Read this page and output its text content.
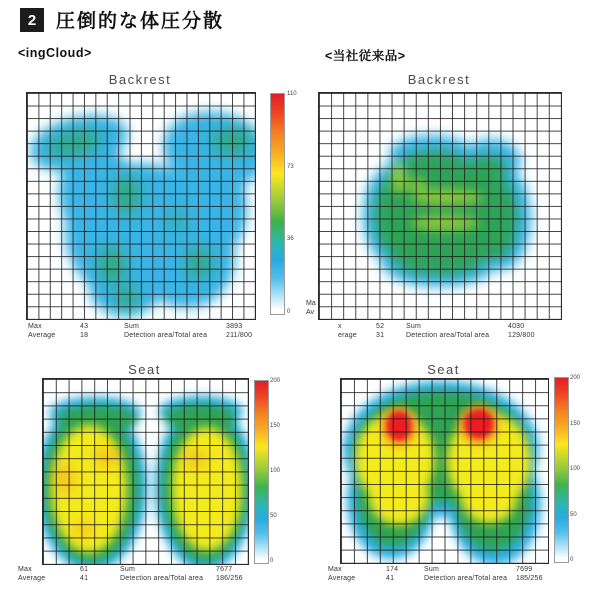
2	圧倒的な体圧分散
<ingCloud>	<当社従来品>
Backrest
110
73
36
0
Max	43	Sum	3893
Average	18	Detection area/Total area	211/800
Backrest
Ma
Av
x	52	Sum	4030
erage	31	Detection area/Total area	129/800
Seat
200
150
100
50
0
Max	61	Sum	7677
Average	41	Detection area/Total area	186/256
Seat
200
150
100
50
0
Max	174	Sum	7699
Average	41	Detection area/Total area	185/256
